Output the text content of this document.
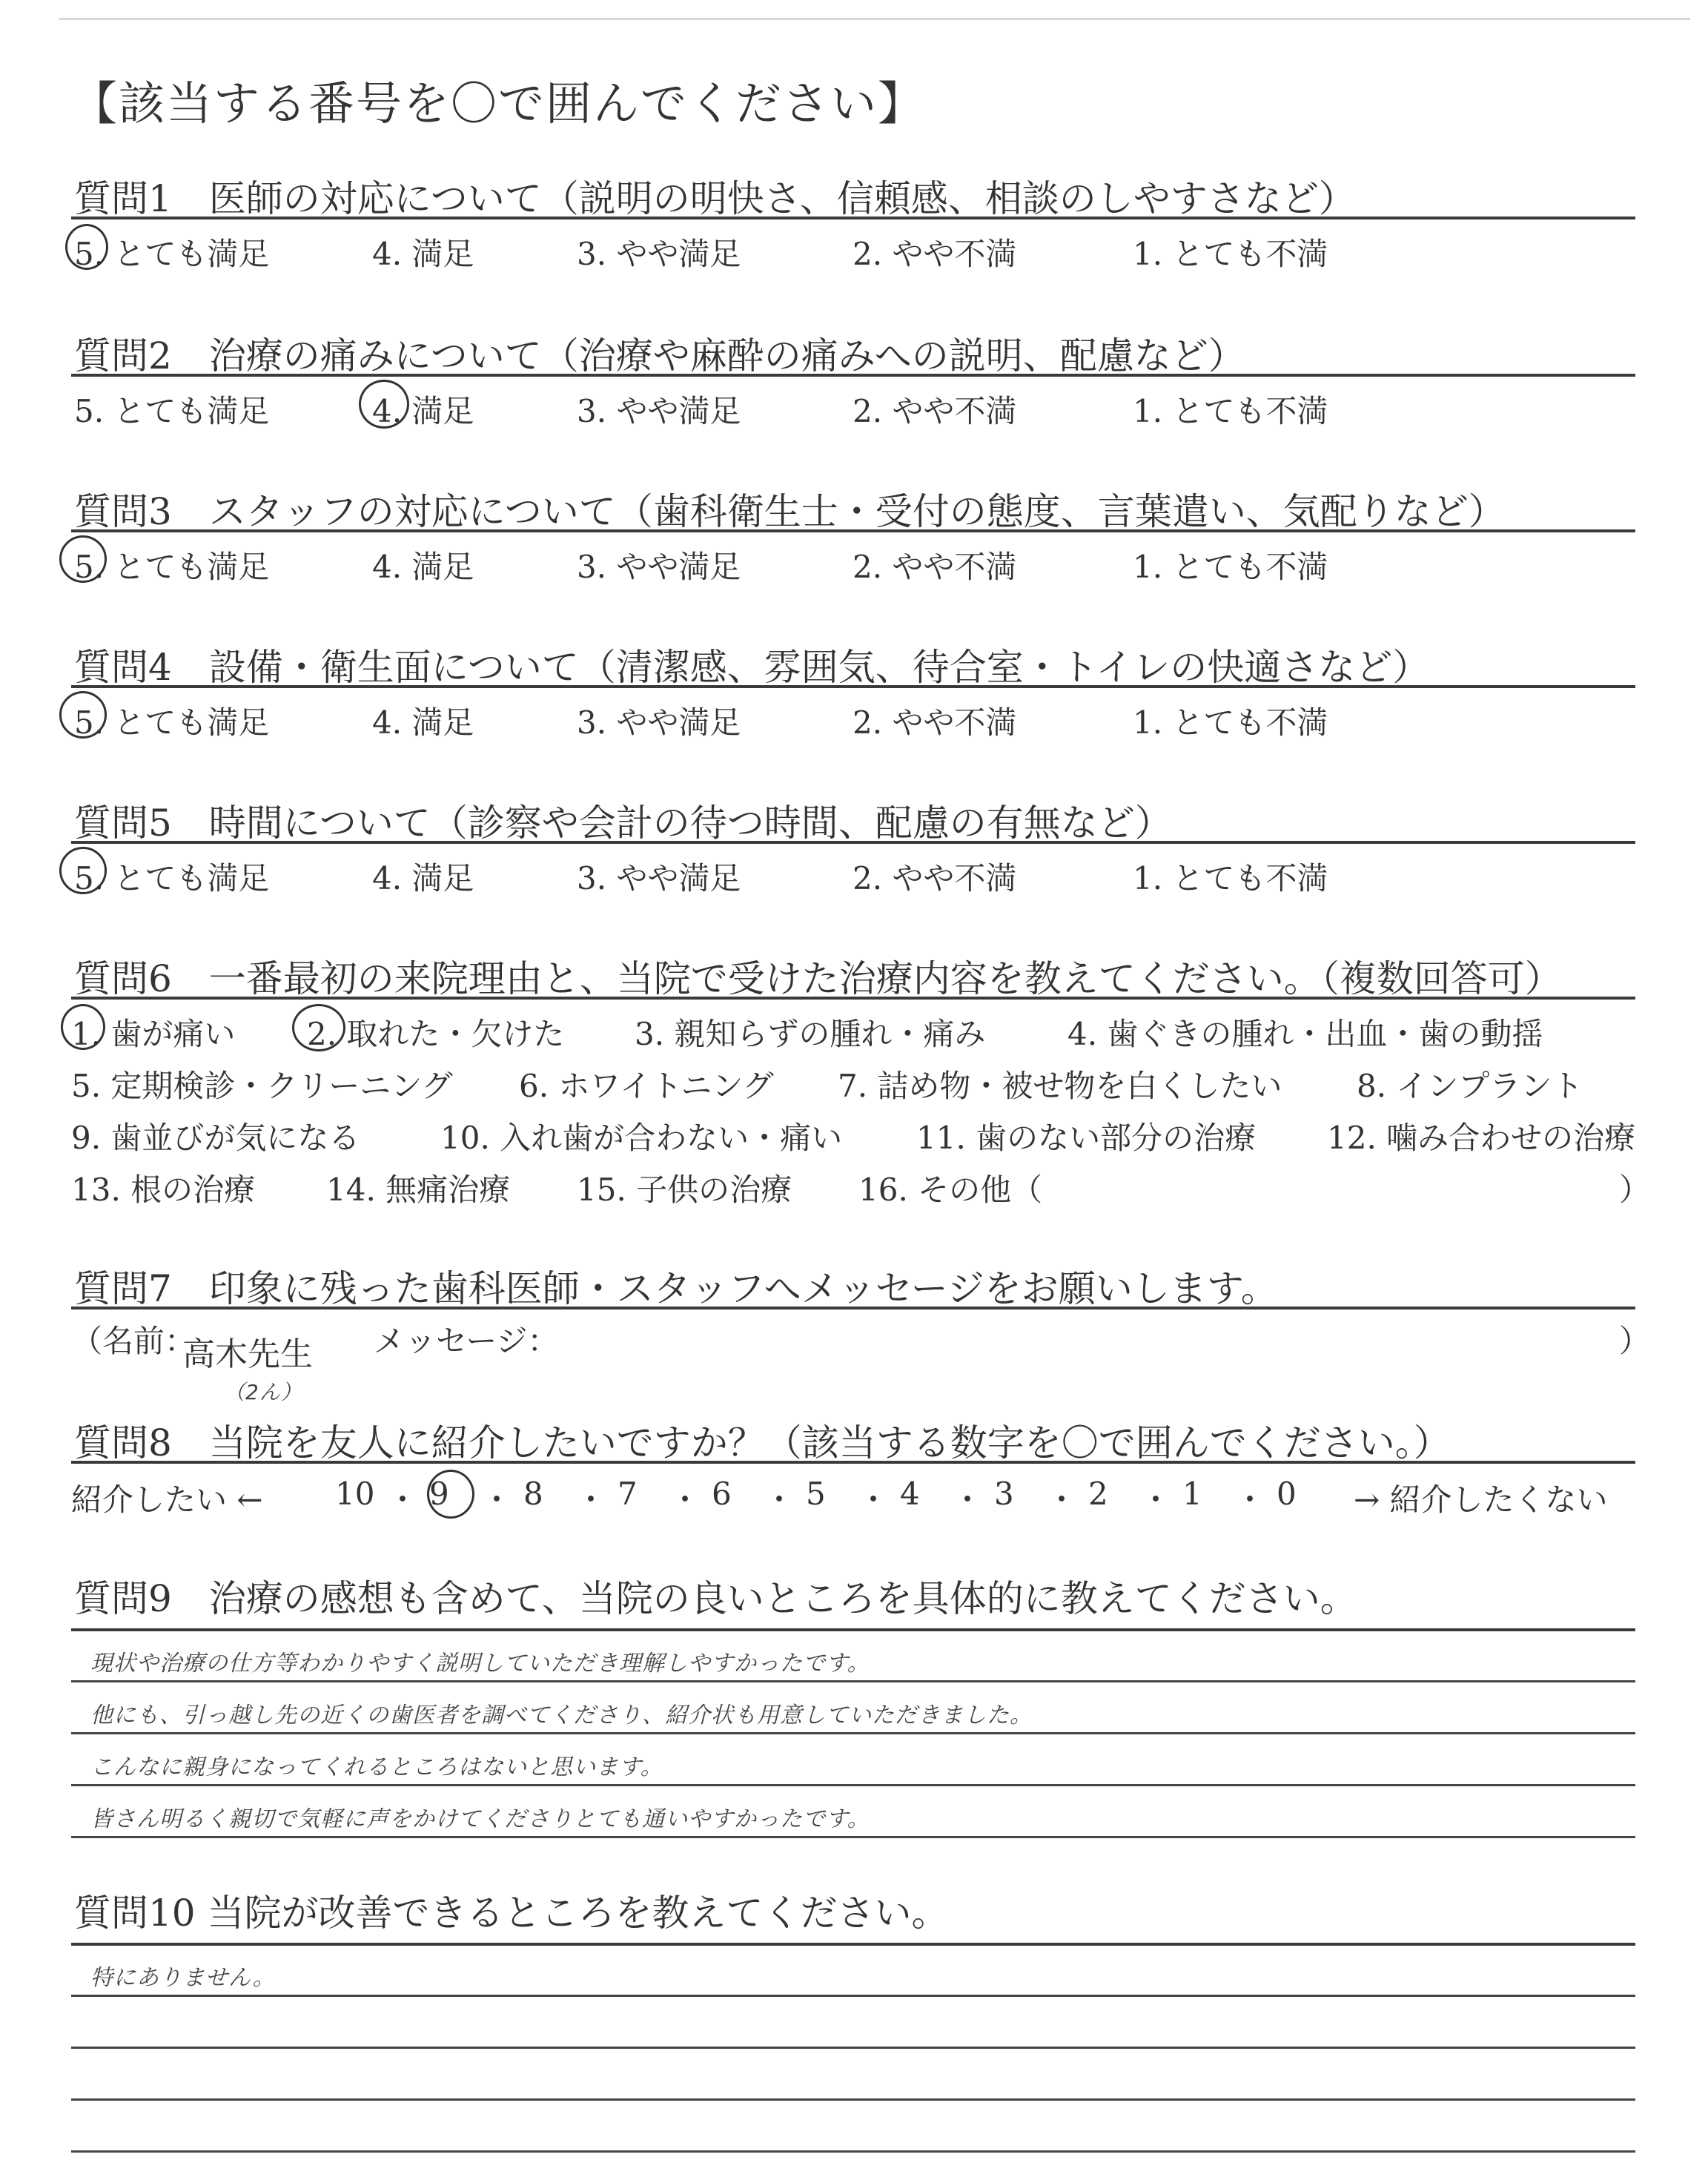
【該当する番号を〇で囲んでください】
質問1　医師の対応について（説明の明快さ、信頼感、相談のしやすさなど）
5. とても満足	4. 満足	3. やや満足	2. やや不満	1. とても不満
質問2　治療の痛みについて（治療や麻酔の痛みへの説明、配慮など）
5. とても満足	4. 満足	3. やや満足	2. やや不満	1. とても不満
質問3　スタッフの対応について（歯科衛生士・受付の態度、言葉遣い、気配りなど）
5. とても満足	4. 満足	3. やや満足	2. やや不満	1. とても不満
質問4　設備・衛生面について（清潔感、雰囲気、待合室・トイレの快適さなど）
5. とても満足	4. 満足	3. やや満足	2. やや不満	1. とても不満
質問5　時間について（診察や会計の待つ時間、配慮の有無など）
5. とても満足	4. 満足	3. やや満足	2. やや不満	1. とても不満
質問6　一番最初の来院理由と、当院で受けた治療内容を教えてください。（複数回答可）
1. 歯が痛い 2. 取れた・欠けた 3. 親知らずの腫れ・痛み	4. 歯ぐきの腫れ・出血・歯の動揺
5. 定期検診・クリーニング 6. ホワイトニング 7. 詰め物・被せ物を白くしたい 8. インプラント
9. 歯並びが気になる	10. 入れ歯が合わない・痛い 11. 歯のない部分の治療 12. 噛み合わせの治療
13. 根の治療 14. 無痛治療 15. 子供の治療 16. その他（	）
質問7　印象に残った歯科医師・スタッフへメッセージをお願いします。
（名前：
高木先生
（2ん）
メッセージ：	）
質問8　当院を友人に紹介したいですか？（該当する数字を〇で囲んでください。）
紹介したい ← 10 ・ 9 ・ 8 ・ 7 ・ 6 ・ 5 ・ 4 ・ 3 ・ 2 ・ 1 ・ 0 → 紹介したくない
質問9　治療の感想も含めて、当院の良いところを具体的に教えてください。
現状や治療の仕方等わかりやすく説明していただき理解しやすかったです。
他にも、引っ越し先の近くの歯医者を調べてくださり、紹介状も用意していただきました。
こんなに親身になってくれるところはないと思います。
皆さん明るく親切で気軽に声をかけてくださりとても通いやすかったです。
質問10 当院が改善できるところを教えてください。
特にありません。
